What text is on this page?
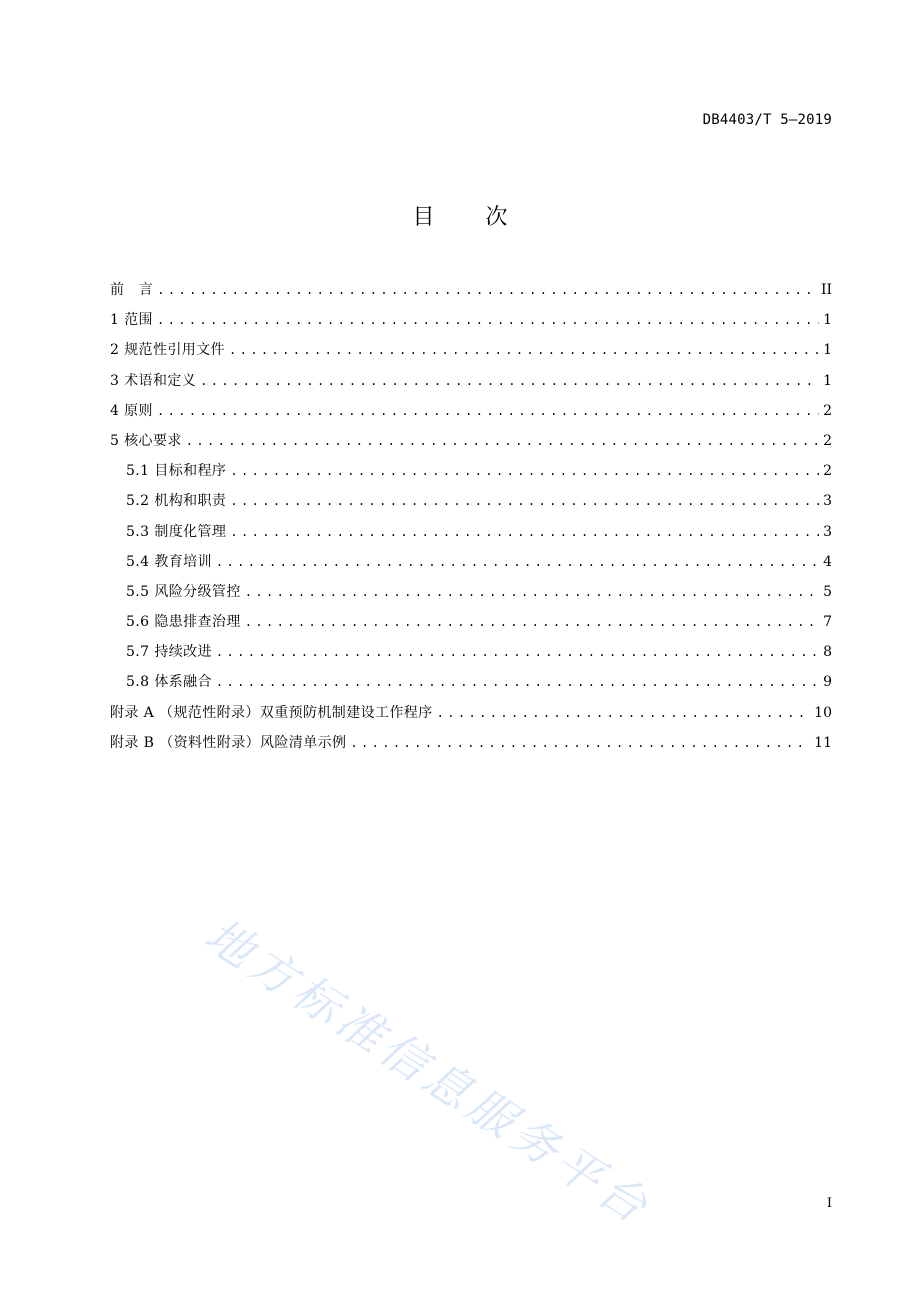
DB4403/T 5—2019
目 次
前　言 .....	II
1 范围 .....	1
2 规范性引用文件 .....	1
3 术语和定义 .....	1
4 原则 .....	2
5 核心要求 .....	2
5.1 目标和程序 .....	2
5.2 机构和职责 .....	3
5.3 制度化管理 .....	3
5.4 教育培训 .....	4
5.5 风险分级管控 .....	5
5.6 隐患排查治理 .....	7
5.7 持续改进 .....	8
5.8 体系融合 .....	9
附录 A （规范性附录）双重预防机制建设工作程序 .....	10
附录 B （资料性附录）风险清单示例 .....	11
地方标准信息服务平台	I
